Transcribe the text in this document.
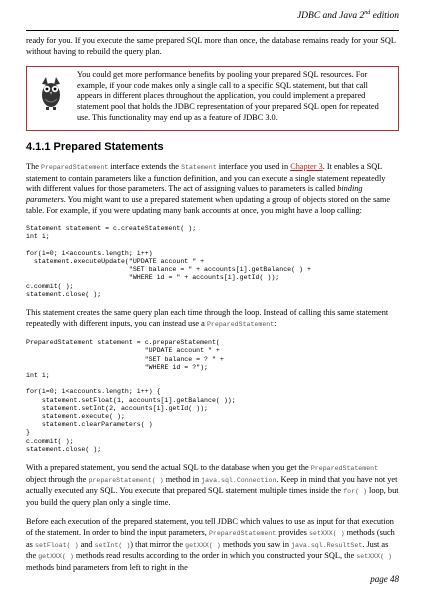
JDBC and Java 2nd edition

ready for you. If you execute the same prepared SQL more than once, the database remains ready for your SQL without having to rebuild the query plan.

You could get more performance benefits by pooling your prepared SQL resources. For example, if your code makes only a single call to a specific SQL statement, but that call appears in different places throughout the application, you could implement a prepared statement pool that holds the JDBC representation of your prepared SQL open for repeated use. This functionality may end up as a feature of JDBC 3.0.

4.1.1 Prepared Statements

The PreparedStatement interface extends the Statement interface you used in Chapter 3. It enables a SQL statement to contain parameters like a function definition, and you can execute a single statement repeatedly with different values for those parameters. The act of assigning values to parameters is called binding parameters. You might want to use a prepared statement when updating a group of objects stored on the same table. For example, if you were updating many bank accounts at once, you might have a loop calling:

Statement statement = c.createStatement( );
int i;

for(i=0; i<accounts.length; i++)
statement.executeUpdate("UPDATE account " +
"SET balance = " + accounts[i].getBalance( ) +
"WHERE id = " + accounts[i].getId( ));
c.commit( );
statement.close( );

This statement creates the same query plan each time through the loop. Instead of calling this same statement repeatedly with different inputs, you can instead use a PreparedStatement:

PreparedStatement statement = c.prepareStatement(
"UPDATE account " +
"SET balance = ? " +
"WHERE id = ?");
int i;

for(i=0; i<accounts.length; i++) {
statement.setFloat(1, accounts[i].getBalance( ));
statement.setInt(2, accounts[i].getId( ));
statement.execute( );
statement.clearParameters( )
}
c.commit( );
statement.close( );

With a prepared statement, you send the actual SQL to the database when you get the PreparedStatement object through the prepareStatement( ) method in java.sql.Connection. Keep in mind that you have not yet actually executed any SQL. You execute that prepared SQL statement multiple times inside the for( ) loop, but you build the query plan only a single time.

Before each execution of the prepared statement, you tell JDBC which values to use as input for that execution of the statement. In order to bind the input parameters, PreparedStatement provides setXXX( ) methods (such as setFloat( ) and setInt( )) that mirror the getXXX( ) methods you saw in java.sql.ResultSet. Just as the getXXX( ) methods read results according to the order in which you constructed your SQL, the setXXX( ) methods bind parameters from left to right in the

page 48
